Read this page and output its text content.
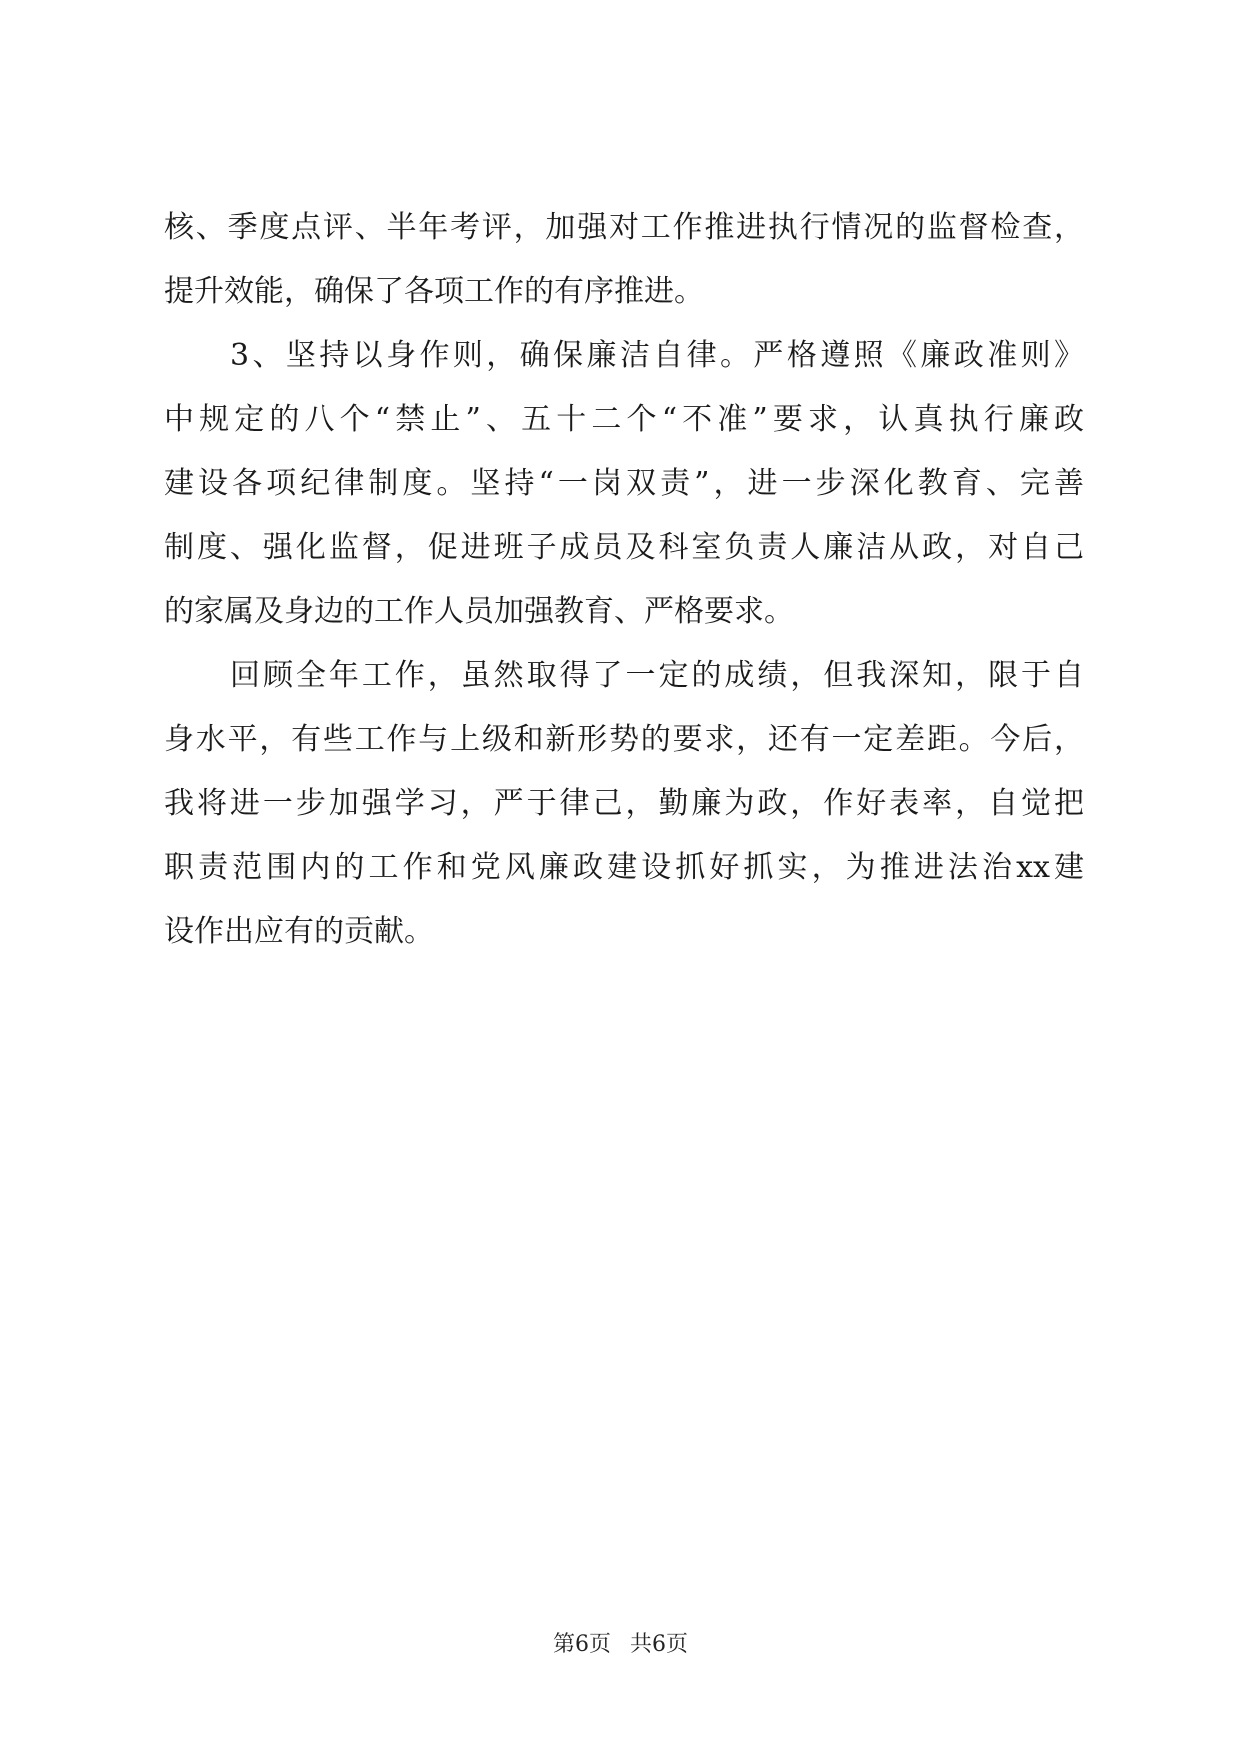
核、季度点评、半年考评，加强对工作推进执行情况的监督检查，
提升效能，确保了各项工作的有序推进。
3、坚持以身作则，确保廉洁自律。严格遵照《廉政准则》
中规定的八个“禁止”、五十二个“不准”要求，认真执行廉政
建设各项纪律制度。坚持“一岗双责”，进一步深化教育、完善
制度、强化监督，促进班子成员及科室负责人廉洁从政，对自己
的家属及身边的工作人员加强教育、严格要求。
回顾全年工作，虽然取得了一定的成绩，但我深知，限于自
身水平，有些工作与上级和新形势的要求，还有一定差距。今后，
我将进一步加强学习，严于律己，勤廉为政，作好表率，自觉把
职责范围内的工作和党风廉政建设抓好抓实，为推进法治xx建
设作出应有的贡献。
第6页 共6页
